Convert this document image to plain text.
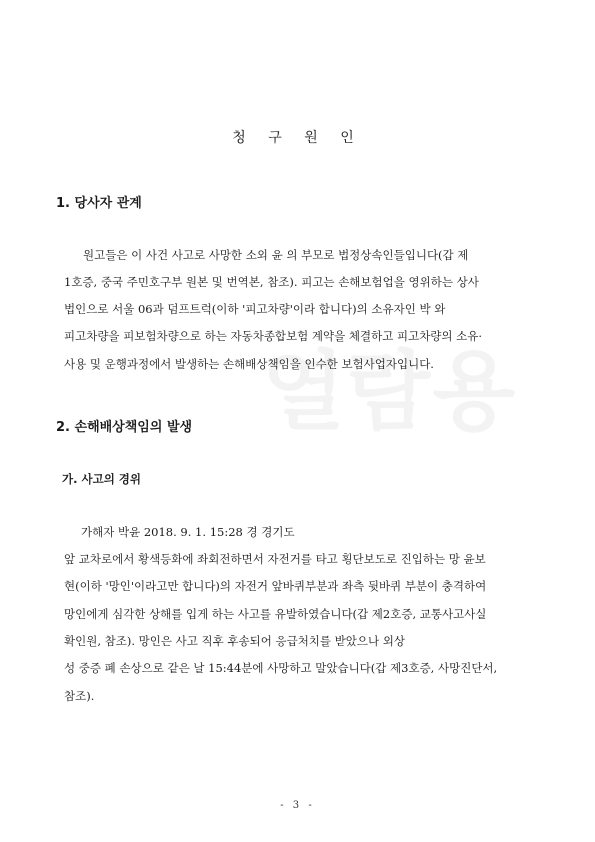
청 구 원 인
1. 당사자 관계
원고들은 이 사건 사고로 사망한 소외 윤 의 부모로 법정상속인들입니다(갑 제
1호증, 중국 주민호구부 원본 및 번역본, 참조). 피고는 손해보험업을 영위하는 상사
법인으로 서울 06과 덤프트럭(이하 '피고차량'이라 합니다)의 소유자인 박 와
피고차량을 피보험차량으로 하는 자동차종합보험 계약을 체결하고 피고차량의 소유·
사용 및 운행과정에서 발생하는 손해배상책임을 인수한 보험사업자입니다.
2. 손해배상책임의 발생
가. 사고의 경위
가해자 박윤 2018. 9. 1. 15:28 경 경기도
앞 교차로에서 황색등화에 좌회전하면서 자전거를 타고 횡단보도로 진입하는 망 윤보
현(이하 '망인'이라고만 합니다)의 자전거 앞바퀴부분과 좌측 뒷바퀴 부분이 충격하여
망인에게 심각한 상해를 입게 하는 사고를 유발하였습니다(갑 제2호증, 교통사고사실
확인원, 참조). 망인은 사고 직후 후송되어 응급처치를 받았으나 외상
성 중증 폐 손상으로 같은 날 15:44분에 사망하고 말았습니다(갑 제3호증, 사망진단서,
참조).
- 3 -
